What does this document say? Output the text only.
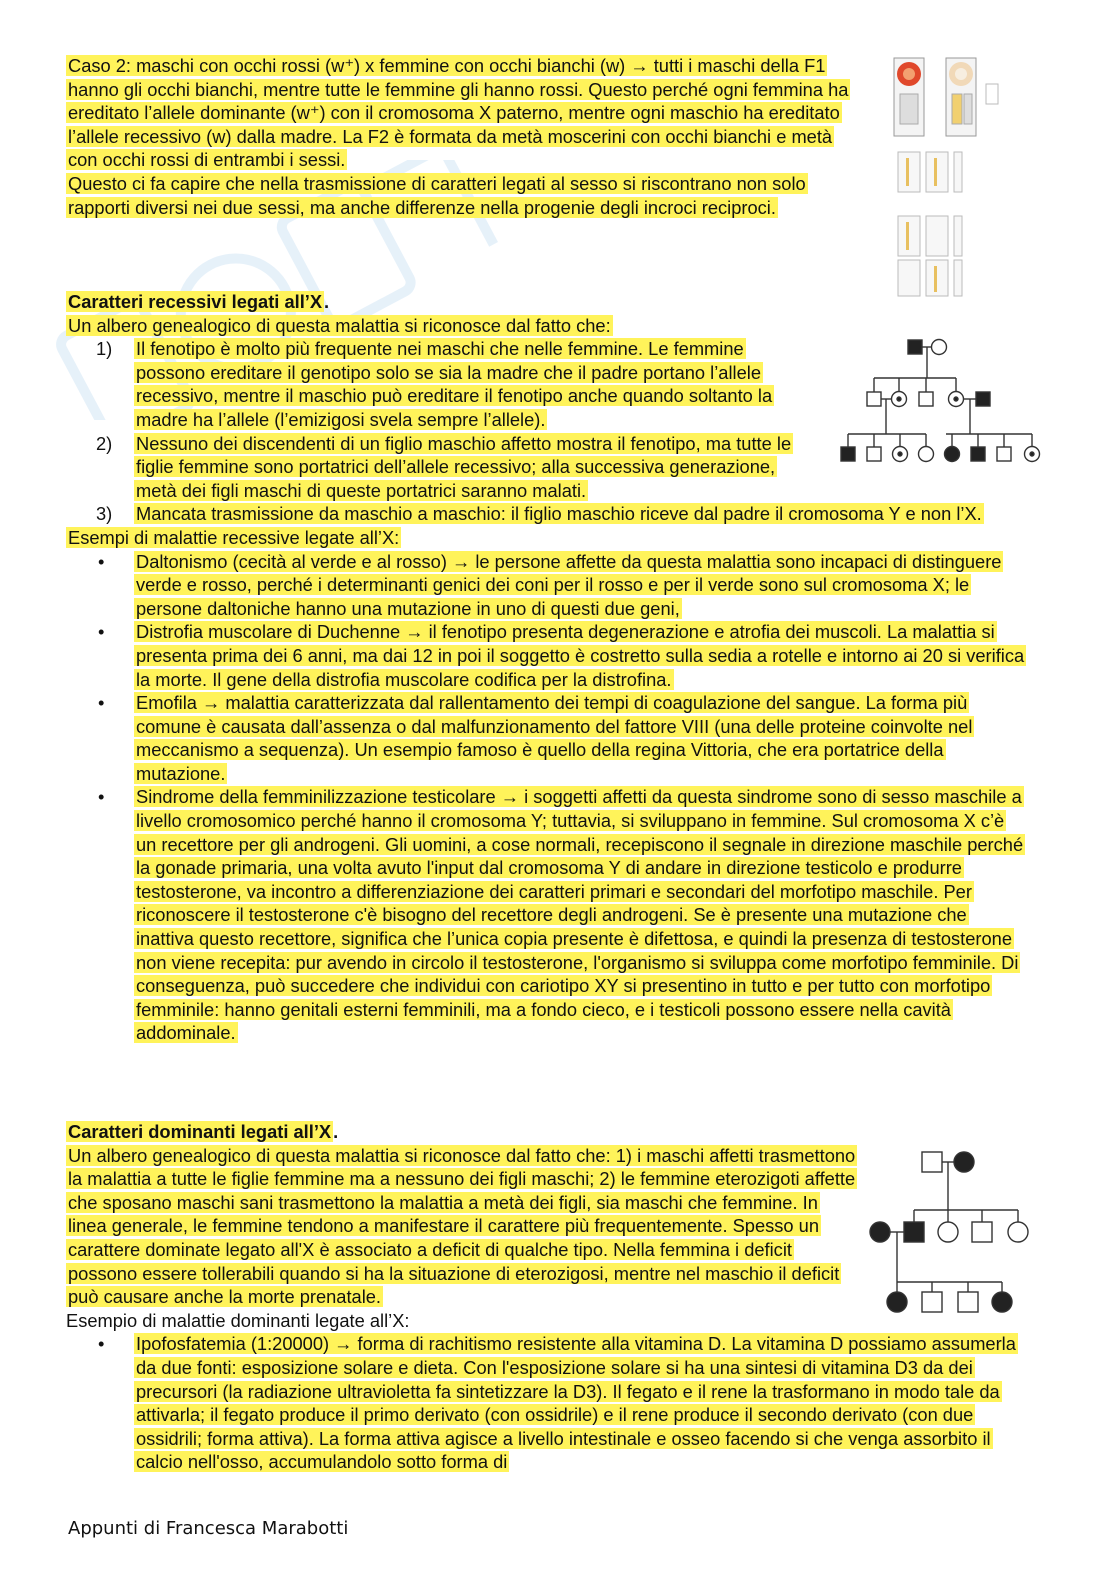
Caso 2: maschi con occhi rossi (w⁺) x femmine con occhi bianchi (w) → tutti i maschi della F1 hanno gli occhi bianchi, mentre tutte le femmine gli hanno rossi. Questo perché ogni femmina ha ereditato l’allele dominante (w⁺) con il cromosoma X paterno, mentre ogni maschio ha ereditato l’allele recessivo (w) dalla madre. La F2 è formata da metà moscerini con occhi bianchi e metà con occhi rossi di entrambi i sessi.
Questo ci fa capire che nella trasmissione di caratteri legati al sesso si riscontrano non solo rapporti diversi nei due sessi, ma anche differenze nella progenie degli incroci reciproci.
Caratteri recessivi legati all’X .
Un albero genealogico di questa malattia si riconosce dal fatto che:
1) Il fenotipo è molto più frequente nei maschi che nelle femmine. Le femmine possono ereditare il genotipo solo se sia la madre che il padre portano l’allele recessivo, mentre il maschio può ereditare il fenotipo anche quando soltanto la madre ha l’allele (l’emizigosi svela sempre l’allele).
2) Nessuno dei discendenti di un figlio maschio affetto mostra il fenotipo, ma tutte le figlie femmine sono portatrici dell’allele recessivo; alla successiva generazione, metà dei figli maschi di queste portatrici saranno malati.
3) Mancata trasmissione da maschio a maschio: il figlio maschio riceve dal padre il cromosoma Y e non l’X.
Esempi di malattie recessive legate all’X:
• Daltonismo (cecità al verde e al rosso) → le persone affette da questa malattia sono incapaci di distinguere verde e rosso, perché i determinanti genici dei coni per il rosso e per il verde sono sul cromosoma X; le persone daltoniche hanno una mutazione in uno di questi due geni,
• Distrofia muscolare di Duchenne → il fenotipo presenta degenerazione e atrofia dei muscoli. La malattia si presenta prima dei 6 anni, ma dai 12 in poi il soggetto è costretto sulla sedia a rotelle e intorno ai 20 si verifica la morte. Il gene della distrofia muscolare codifica per la distrofina.
• Emofila → malattia caratterizzata dal rallentamento dei tempi di coagulazione del sangue. La forma più comune è causata dall’assenza o dal malfunzionamento del fattore VIII (una delle proteine coinvolte nel meccanismo a sequenza). Un esempio famoso è quello della regina Vittoria, che era portatrice della mutazione.
• Sindrome della femminilizzazione testicolare → i soggetti affetti da questa sindrome sono di sesso maschile a livello cromosomico perché hanno il cromosoma Y; tuttavia, si sviluppano in femmine. Sul cromosoma X c’è un recettore per gli androgeni. Gli uomini, a cose normali, recepiscono il segnale in direzione maschile perché la gonade primaria, una volta avuto l'input dal cromosoma Y di andare in direzione testicolo e produrre testosterone, va incontro a differenziazione dei caratteri primari e secondari del morfotipo maschile. Per riconoscere il testosterone c'è bisogno del recettore degli androgeni. Se è presente una mutazione che inattiva questo recettore, significa che l’unica copia presente è difettosa, e quindi la presenza di testosterone non viene recepita: pur avendo in circolo il testosterone, l'organismo si sviluppa come morfotipo femminile. Di conseguenza, può succedere che individui con cariotipo XY si presentino in tutto e per tutto con morfotipo femminile: hanno genitali esterni femminili, ma a fondo cieco, e i testicoli possono essere nella cavità addominale.
Caratteri dominanti legati all’X .
Un albero genealogico di questa malattia si riconosce dal fatto che: 1) i maschi affetti trasmettono la malattia a tutte le figlie femmine ma a nessuno dei figli maschi; 2) le femmine eterozigoti affette che sposano maschi sani trasmettono la malattia a metà dei figli, sia maschi che femmine. In linea generale, le femmine tendono a manifestare il carattere più frequentemente. Spesso un carattere dominate legato all'X è associato a deficit di qualche tipo. Nella femmina i deficit possono essere tollerabili quando si ha la situazione di eterozigosi, mentre nel maschio il deficit può causare anche la morte prenatale.
Esempio di malattie dominanti legate all’X:
• Ipofosfatemia (1:20000) → forma di rachitismo resistente alla vitamina D. La vitamina D possiamo assumerla da due fonti: esposizione solare e dieta. Con l'esposizione solare si ha una sintesi di vitamina D3 da dei precursori (la radiazione ultravioletta fa sintetizzare la D3). Il fegato e il rene la trasformano in modo tale da attivarla; il fegato produce il primo derivato (con ossidrile) e il rene produce il secondo derivato (con due ossidrili; forma attiva). La forma attiva agisce a livello intestinale e osseo facendo si che venga assorbito il calcio nell'osso, accumulandolo sotto forma di
Appunti di Francesca Marabotti
